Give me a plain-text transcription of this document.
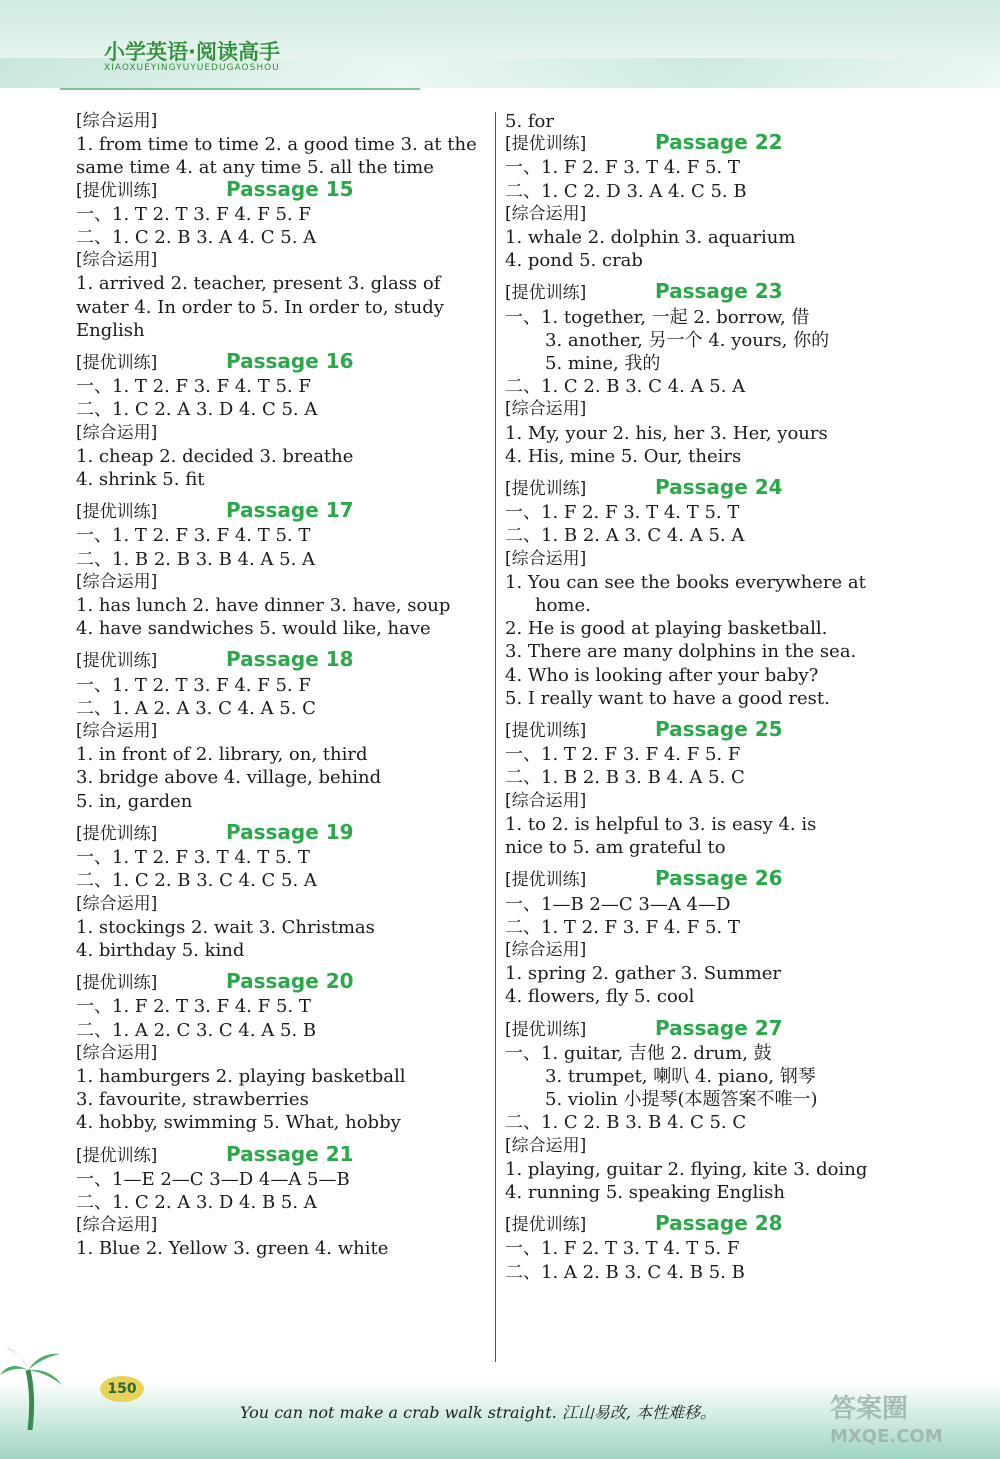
小学英语·阅读高手
XIAOXUEYINGYUYUEDUGAOSHOU
[ 综合运用 ]
1. from time to time 2. a good time 3. at the
same time 4. at any time 5. all the time
Passage 15
[ 提优训练 ]
一、1. T 2. T 3. F 4. F 5. F
二、1. C 2. B 3. A 4. C 5. A
[ 综合运用 ]
1. arrived 2. teacher, present 3. glass of
water 4. In order to 5. In order to, study
English
Passage 16
[ 提优训练 ]
一、1. T 2. F 3. F 4. T 5. F
二、1. C 2. A 3. D 4. C 5. A
[ 综合运用 ]
1. cheap 2. decided 3. breathe
4. shrink 5. fit
Passage 17
[ 提优训练 ]
一、1. T 2. F 3. F 4. T 5. T
二、1. B 2. B 3. B 4. A 5. A
[ 综合运用 ]
1. has lunch 2. have dinner 3. have, soup
4. have sandwiches 5. would like, have
Passage 18
[ 提优训练 ]
一、1. T 2. T 3. F 4. F 5. F
二、1. A 2. A 3. C 4. A 5. C
[ 综合运用 ]
1. in front of 2. library, on, third
3. bridge above 4. village, behind
5. in, garden
Passage 19
[ 提优训练 ]
一、1. T 2. F 3. T 4. T 5. T
二、1. C 2. B 3. C 4. C 5. A
[ 综合运用 ]
1. stockings 2. wait 3. Christmas
4. birthday 5. kind
Passage 20
[ 提优训练 ]
一、1. F 2. T 3. F 4. F 5. T
二、1. A 2. C 3. C 4. A 5. B
[ 综合运用 ]
1. hamburgers 2. playing basketball
3. favourite, strawberries
4. hobby, swimming 5. What, hobby
Passage 21
[ 提优训练 ]
一、1—E 2—C 3—D 4—A 5—B
二、1. C 2. A 3. D 4. B 5. A
[ 综合运用 ]
1. Blue 2. Yellow 3. green 4. white
5. for
Passage 22
[ 提优训练 ]
一、1. F 2. F 3. T 4. F 5. T
二、1. C 2. D 3. A 4. C 5. B
[ 综合运用 ]
1. whale 2. dolphin 3. aquarium
4. pond 5. crab
Passage 23
[ 提优训练 ]
一、1. together, 一起 2. borrow, 借
3. another, 另一个 4. yours, 你的
5. mine, 我的
二、1. C 2. B 3. C 4. A 5. A
[ 综合运用 ]
1. My, your 2. his, her 3. Her, yours
4. His, mine 5. Our, theirs
Passage 24
[ 提优训练 ]
一、1. F 2. F 3. T 4. T 5. T
二、1. B 2. A 3. C 4. A 5. A
[ 综合运用 ]
1. You can see the books everywhere at
home.
2. He is good at playing basketball.
3. There are many dolphins in the sea.
4. Who is looking after your baby?
5. I really want to have a good rest.
Passage 25
[ 提优训练 ]
一、1. T 2. F 3. F 4. F 5. F
二、1. B 2. B 3. B 4. A 5. C
[ 综合运用 ]
1. to 2. is helpful to 3. is easy 4. is
nice to 5. am grateful to
Passage 26
[ 提优训练 ]
一、1—B 2—C 3—A 4—D
二、1. T 2. F 3. F 4. F 5. T
[ 综合运用 ]
1. spring 2. gather 3. Summer
4. flowers, fly 5. cool
Passage 27
[ 提优训练 ]
一、1. guitar, 吉他 2. drum, 鼓
3. trumpet, 喇叭 4. piano, 钢琴
5. violin 小提琴(本题答案不唯一)
二、1. C 2. B 3. B 4. C 5. C
[ 综合运用 ]
1. playing, guitar 2. flying, kite 3. doing
4. running 5. speaking English
Passage 28
[ 提优训练 ]
一、1. F 2. T 3. T 4. T 5. F
二、1. A 2. B 3. C 4. B 5. B
150
You can not make a crab walk straight. 江山易改, 本性难移。	答案圈
MXQE.COM
